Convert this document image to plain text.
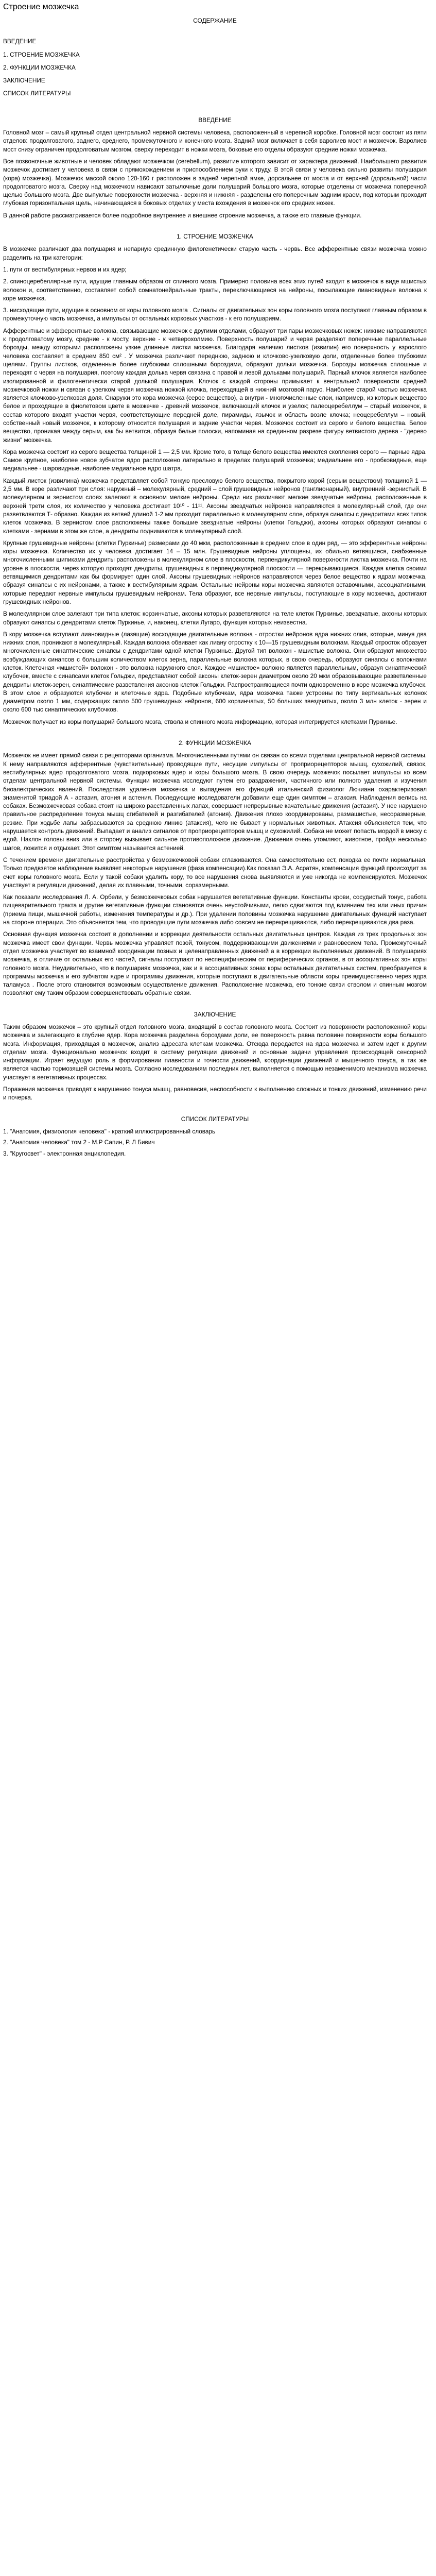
Строение мозжечка
СОДЕРЖАНИЕ

ВВЕДЕНИЕ

1. СТРОЕНИЕ МОЗЖЕЧКА

2. ФУНКЦИИ МОЗЖЕЧКА

ЗАКЛЮЧЕНИЕ

СПИСОК ЛИТЕРАТУРЫ

ВВЕДЕНИЕ

Головной мозг – самый крупный отдел центральной нервной системы человека, расположенный в черепной коробке. Головной мозг состоит из пяти отделов: продолговатого, заднего, среднего, промежуточного и конечного мозга. Задний мозг включает в себя варолиев мост и мозжечок. Варолиев мост снизу ограничен продолговатым мозгом, сверху переходит в ножки мозга, боковые его отделы образуют средние ножки мозжечка.

Все позвоночные животные и человек обладают мозжечком (cerebellum), развитие которого зависит от характера движений. Наибольшего развития мозжечок достигает у человека в связи с прямохождением и приспособлением руки к труду. В этой связи у человека сильно развиты полушария (кора) мозжечка). Мозжечок массой около 120-160 г расположен в задней черепной ямке, дорсальнее от моста и от верхней (дорсальной) части продолговатого мозга. Сверху над мозжечком нависают затылочные доли полушарий большого мозга, которые отделены от мозжечка поперечной щелью большого мозга. Две выпуклые поверхности мозжечка - верхняя и нижняя - разделены его поперечным задним краем, под которым проходит глубокая горизонтальная щель, начинающаяся в боковых отделах у места вхождения в мозжечок его средних ножек.

В данной работе рассматривается более подробное внутреннее и внешнее строение мозжечка, а также его главные функции.

1. СТРОЕНИЕ МОЗЖЕЧКА

В мозжечке различают два полушария и непарную срединную филогенетически старую часть - червь. Все афферентные связи мозжечка можно разделить на три категории:

1. пути от вестибулярных нервов и их ядер;

2. спиноцеребеллярные пути, идущие главным образом от спинного мозга. Примерно половина всех этих путей входит в мозжечок в виде мшистых волокон и, соответственно, составляет собой сомнатонейральные тракты, переключающиеся на нейроны, посылающие лиановидные волокна к коре мозжечка.

3. нисходящие пути, идущие в основном от коры головного мозга . Сигналы от двигательных зон коры головного мозга поступают главным образом в промежуточную часть мозжечка, а импульсы от остальных корковых участков - к его полушариям.

Афферентные и эфферентные волокна, связывающие мозжечок с другими отделами, образуют три пары мозжечковых ножек: нижние направляются к продолговатому мозгу, средние - к мосту, верхние - к четверохолмию. Поверхность полушарий и червя разделяют поперечные параллельные борозды, между которыми расположены узкие длинные листки мозжечка. Благодаря наличию листков (извилин) его поверхность у взрослого человека составляет в среднем 850 см² . У мозжечка различают переднюю, заднюю и клочково-узелковую доли, отделенные более глубокими щелями. Группы листков, отделенные более глубокими сплошными бороздами, образуют дольки мозжечка. Борозды мозжечка сплошные и переходят с червя на полушария, поэтому каждая долька червя связана с правой и левой дольками полушарий. Парный клочок является наиболее изолированной и филогенетически старой долькой полушария. Клочок с каждой стороны примыкает к вентральной поверхности средней мозжечковой ножки и связан с узелком червя мозжечка ножкой клочка, переходящей в нижний мозговой парус. Наиболее старой частью мозжечка является клочково-узелковая доля. Снаружи это кора мозжечка (серое вещество), а внутри - многочисленные слои, например, из которых вещество белое и проходящие в фиолетовом цвете в мозжечке - древний мозжечок, включающий клочок и узелок; палеоцеребеллум – старый мозжечок, в состав которого входят участки червя, соответствующие передней доле, пирамиды, язычок и область возле клочка; неоцеребеллум – новый, собственный новый мозжечок, к которому относится полушария и задние участки червя. Мозжечок состоит из серого и белого вещества. Белое вещество, проникая между серым, как бы ветвится, образуя белые полоски, напоминая на срединном разрезе фигуру ветвистого дерева - "дерево жизни" мозжечка.

Кора мозжечка состоит из серого вещества толщиной 1 — 2,5 мм. Кроме того, в толще белого вещества имеются скопления серого — парные ядра. Самое крупное, наиболее новое зубчатое ядро расположено латерально в пределах полушарий мозжечка; медиальнее его - пробковидные, еще медиальнее - шаровидные, наиболее медиальное ядро шатра.

Каждый листок (извилина) мозжечка представляет собой тонкую пресловую белого вещества, покрытого корой (серым веществом) толщиной 1 — 2,5 мм. В коре различают три слоя: наружный – молекулярный, средний – слой грушевидных нейронов (ганглионарный), внутренний -зернистый. В молекулярном и зернистом слоях залегают в основном мелкие нейроны. Среди них различают мелкие звездчатые нейроны, расположенные в верхней трети слоя, их количество у человека достигает 10¹⁰ - 11¹¹. Аксоны звездчатых нейронов направляются в молекулярный слой, где они разветвляются Т- образно. Каждая из ветвей длиной 1-2 мм проходит параллельно в молекулярном слое, образуя синапсы с дендритами всех типов клеток мозжечка. В зернистом слое расположены также большие звездчатые нейроны (клетки Гольджи), аксоны которых образуют синапсы с клетками - зернами в этом же слое, а дендриты поднимаются в молекулярный слой.

Крупные грушевидные нейроны (клетки Пуркинье) размерами до 40 мкм, расположенные в среднем слое в один ряд, — это эфферентные нейроны коры мозжечка. Количество их у человека достигает 14 – 15 млн. Грушевидные нейроны уплощены, их обильно ветвящиеся, снабженные многочисленными шипиками дендриты расположены в молекулярном слое в плоскости, перпендикулярной поверхности листка мозжечка. Почти на уровне в плоскости, через которую проходят дендриты, грушевидных в перпендикулярной плоскости — перекрывающиеся. Каждая клетка своими ветвящимися дендритами как бы формирует один слой. Аксоны грушевидных нейронов направляются через белое вещество к ядрам мозжечка, образуя синапсы с их нейронами, а также к вестибулярным ядрам. Остальные нейроны коры мозжечка являются вставочными, ассоциативными, которые передают нервные импульсы грушевидным нейронам. Тела образуют, все нервные импульсы, поступающие в кору мозжечка, достигают грушевидных нейронов.

В молекулярном слое залегают три типа клеток: корзинчатые, аксоны которых разветвляются на теле клеток Пуркинье, звездчатые, аксоны которых образуют синапсы с дендритами клеток Пуркинье, и, наконец, клетки Лугаро, функция которых неизвестна.

В кору мозжечка вступают лиановидные (лазящие) восходящие двигательные волокна - отростки нейронов ядра нижних олив, которые, минуя два нижних слоя, проникают в молекулярный. Каждая волокна обвивает как лиану отростку к 10—15 грушевидным волокнам. Каждый отросток образует многочисленные синаптические синапсы с дендритами одной клетки Пуркинье. Другой тип волокон - мшистые волокна. Они образуют множество возбуждающих синапсов с большим количеством клеток зерна, параллельные волокна которых, в свою очередь, образуют синапсы с волокнами клеток. Клеточная «мшистой» волокон - это волокна наружного слоя. Каждое «мшистое» волокно является параллельным, образуя синаптический клубочек, вместе с синапсами клеток Гольджи, представляют собой аксоны клеток-зерен диаметром около 20 мкм образовывающие разветвленные дендриты клеток-зерен, синаптические разветвления аксонов клеток Гольджи. Распространяющиеся почти одновременно в коре мозжечка клубочек. В этом слое и образуются клубочки и клеточные ядра. Подобные клубочкам, ядра мозжечка также устроены по типу вертикальных колонок диаметром около 1 мм, содержащих около 500 грушевидных нейронов, 600 корзинчатых, 50 больших звездчатых, около 3 млн клеток - зерен и около 600 тыс синаптических клубочков.

Мозжечок получает из коры полушарий большого мозга, ствола и спинного мозга информацию, которая интегрируется клетками Пуркинье.

2. ФУНКЦИИ МОЗЖЕЧКА

Мозжечок не имеет прямой связи с рецепторами организма. Многочисленными путями он связан со всеми отделами центральной нервной системы. К нему направляются афферентные (чувствительные) проводящие пути, несущие импульсы от проприорецепторов мышц, сухожилий, связок, вестибулярных ядер продолговатого мозга, подкорковых ядер и коры большого мозга. В свою очередь мозжечок посылает импульсы ко всем отделам центральной нервной системы. Функции мозжечка исследуют путем его раздражения, частичного или полного удаления и изучения биоэлектрических явлений. Последствия удаления мозжечка и выпадения его функций итальянский физиолог Лючиани охарактеризовал знаменитой триадой А - астазия, атония и астения. Последующие исследователи добавили еще один симптом – атаксия. Наблюдения велись на собаках. Безмозжечковая собака стоит на широко расставленных лапах, совершает непрерывные качательные движения (астазия). У нее нарушено правильное распределение тонуса мышц сгибателей и разгибателей (атония). Движения плохо координированы, размашистые, несоразмерные, резкие. При ходьбе лапы забрасываются за среднюю линию (атаксия), чего не бывает у нормальных животных. Атаксия объясняется тем, что нарушается контроль движений. Выпадает и анализ сигналов от проприорецепторов мышц и сухожилий. Собака не может попасть мордой в миску с едой. Наклон головы вниз или в сторону вызывает сильное противоположное движение. Движения очень утомляют, животное, пройдя несколько шагов, ложится и отдыхает. Этот симптом называется астенией.

С течением времени двигательные расстройства у безмозжечковой собаки сглаживаются. Она самостоятельно ест, походка ее почти нормальная. Только предвзятое наблюдение выявляет некоторые нарушения (фаза компенсации).Как показал Э.А. Асратян, компенсация функций происходит за счет коры головного мозга. Если у такой собаки удалить кору, то все нарушения снова выявляются и уже никогда не компенсируются. Мозжечок участвует в регуляции движений, делая их плавными, точными, соразмерными.

Как показали исследования Л. А. Орбели, у безмозжечковых собак нарушается вегетативные функции. Константы крови, сосудистый тонус, работа пищеварительного тракта и другие вегетативные функции становятся очень неустойчивыми, легко сдвигаются под влиянием тех или иных причин (приема пищи, мышечной работы, изменения температуры и др.). При удалении половины мозжечка нарушение двигательных функций наступает на стороне операции. Это объясняется тем, что проводящие пути мозжечка либо совсем не перекрещиваются, либо перекрещиваются два раза.

Основная функция мозжечка состоит в дополнении и коррекции деятельности остальных двигательных центров. Каждая из трех продольных зон мозжечка имеет свои функции. Червь мозжечка управляет позой, тонусом, поддерживающими движениями и равновесием тела. Промежуточный отдел мозжечка участвует во взаимной координации позных и целенаправленных движений а в коррекции выполняемых движений. В полушариях мозжечка, в отличие от остальных его частей, сигналы поступают по неспецифическим от периферических органов, в от ассоциативных зон коры головного мозга. Неудивительно, что в полушариях мозжечка, как и в ассоциативных зонах коры остальных двигательных систем, преобразуется в программы мозжечка и его зубчатом ядре и программы движения, которые поступают в двигательные области коры преимущественно через ядра таламуса . После этого становится возможным осуществление движения. Расположение мозжечка, его тонкие связи стволом и спинным мозгом позволяют ему таким образом совершенствовать обратные связи.

ЗАКЛЮЧЕНИЕ

Таким образом мозжечок – это крупный отдел головного мозга, входящий в состав головного мозга. Состоит из поверхности расположенной коры мозжечка и залегающего в глубине ядер. Кора мозжечка разделена бороздами доли, ее поверхность равна половине поверхности коры большого мозга. Информация, приходящая в мозжечок, анализ адресата клеткам мозжечка. Отсюда передается на ядра мозжечка и затем идет к другим отделам мозга. Функционально мозжечок входит в систему регуляции движений и основные задачи управления происходящей сенсорной информации. Играет ведущую роль в формировании плавности и точности движений, координации движений и мышечного тонуса, а так же является частью тормозящей системы мозга. Согласно исследованиям последних лет, выполняется с помощью незаменимого механизма мозжечка участвует в вегетативных процессах.

Поражения мозжечка приводят к нарушению тонуса мышц, равновесия, неспособности к выполнению сложных и тонких движений, изменению речи и почерка.

СПИСОК ЛИТЕРАТУРЫ

1. "Анатомия, физиология человека" - краткий иллюстрированный словарь

2. "Анатомия человека" том 2 - М.Р Сапин, Р. Л Бивич

3. "Кругосвет" - электронная энциклопедия.
